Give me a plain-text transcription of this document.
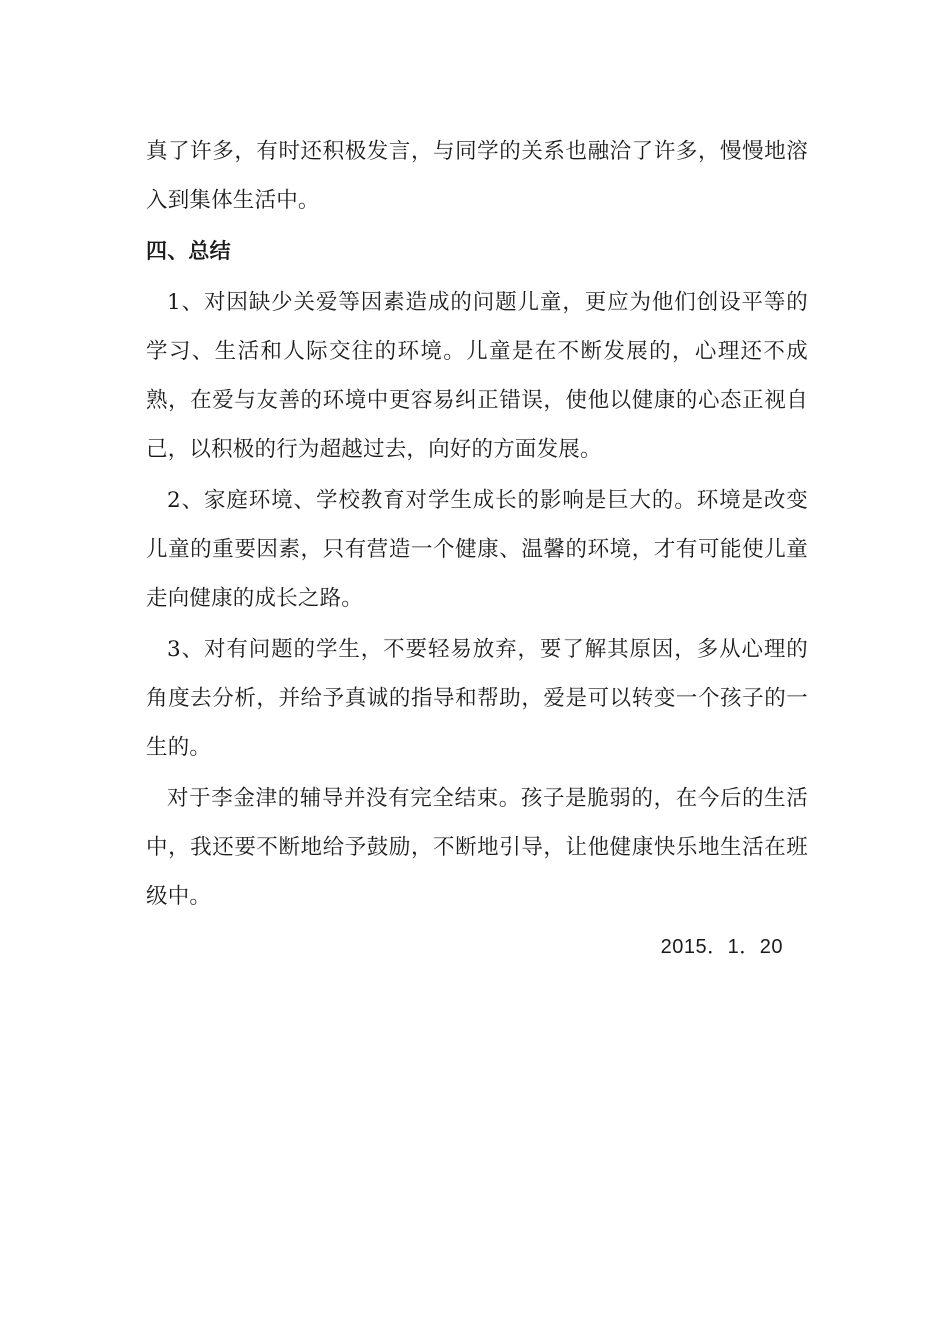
真了许多，有时还积极发言，与同学的关系也融洽了许多，慢慢地溶入到集体生活中。

四、总结

1、对因缺少关爱等因素造成的问题儿童，更应为他们创设平等的学习、生活和人际交往的环境。儿童是在不断发展的，心理还不成熟，在爱与友善的环境中更容易纠正错误，使他以健康的心态正视自己，以积极的行为超越过去，向好的方面发展。

2、家庭环境、学校教育对学生成长的影响是巨大的。环境是改变儿童的重要因素，只有营造一个健康、温馨的环境，才有可能使儿童走向健康的成长之路。

3、对有问题的学生，不要轻易放弃，要了解其原因，多从心理的角度去分析，并给予真诚的指导和帮助，爱是可以转变一个孩子的一生的。

对于李金津的辅导并没有完全结束。孩子是脆弱的，在今后的生活中，我还要不断地给予鼓励，不断地引导，让他健康快乐地生活在班级中。

2015．1．20
